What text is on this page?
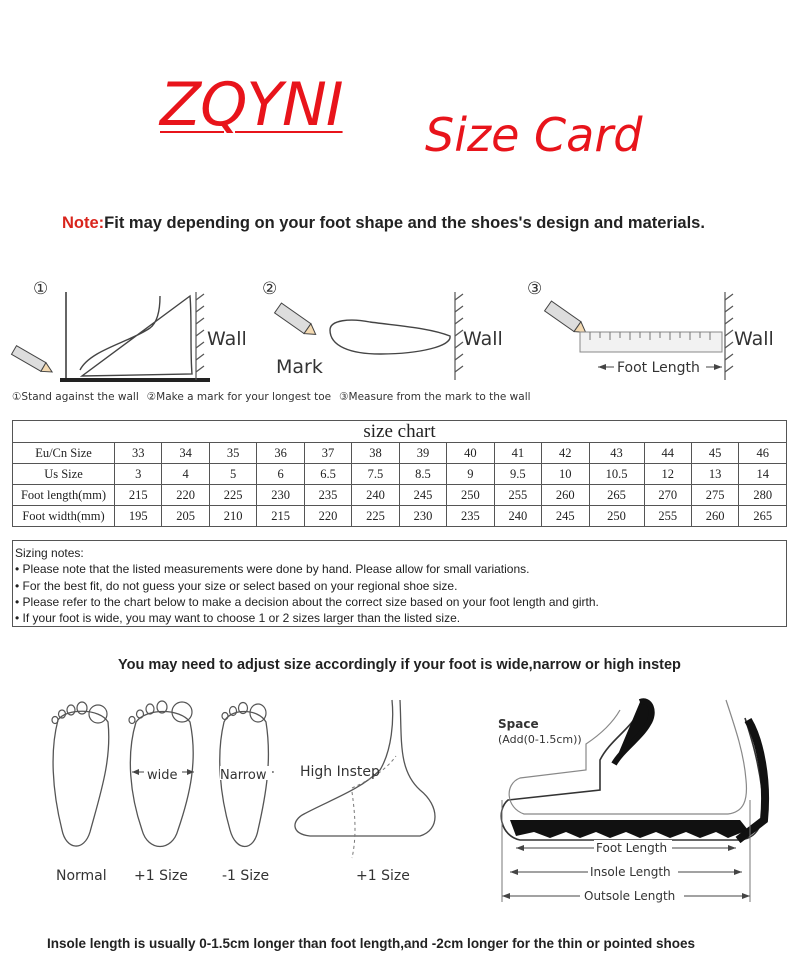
ZQYNI Size Card
Note:Fit may depending on your foot shape and the shoes's design and materials.
①
Wall
②
Mark
Wall
③
Foot Length
Wall
①Stand against the wall ②Make a mark for your longest toe ③Measure from the mark to the wall
size chart
Eu/Cn Size	33	34	35	36	37	38	39	40	41	42	43	44	45	46
Us Size	3	4	5	6	6.5	7.5	8.5	9	9.5	10	10.5	12	13	14
Foot length(mm)	215	220	225	230	235	240	245	250	255	260	265	270	275	280
Foot width(mm)	195	205	210	215	220	225	230	235	240	245	250	255	260	265
Sizing notes:
• Please note that the listed measurements were done by hand. Please allow for small variations.
• For the best fit, do not guess your size or select based on your regional shoe size.
• Please refer to the chart below to make a decision about the correct size based on your foot length and girth.
• If your foot is wide, you may want to choose 1 or 2 sizes larger than the listed size.
You may need to adjust size accordingly if your foot is wide,narrow or high instep
wide	Narrow High Instep
Space
(Add(0-1.5cm))
Foot Length
Insole Length
Outsole Length
Normal +1 Size -1 Size	+1 Size
Insole length is usually 0-1.5cm longer than foot length,and -2cm longer for the thin or pointed shoes
